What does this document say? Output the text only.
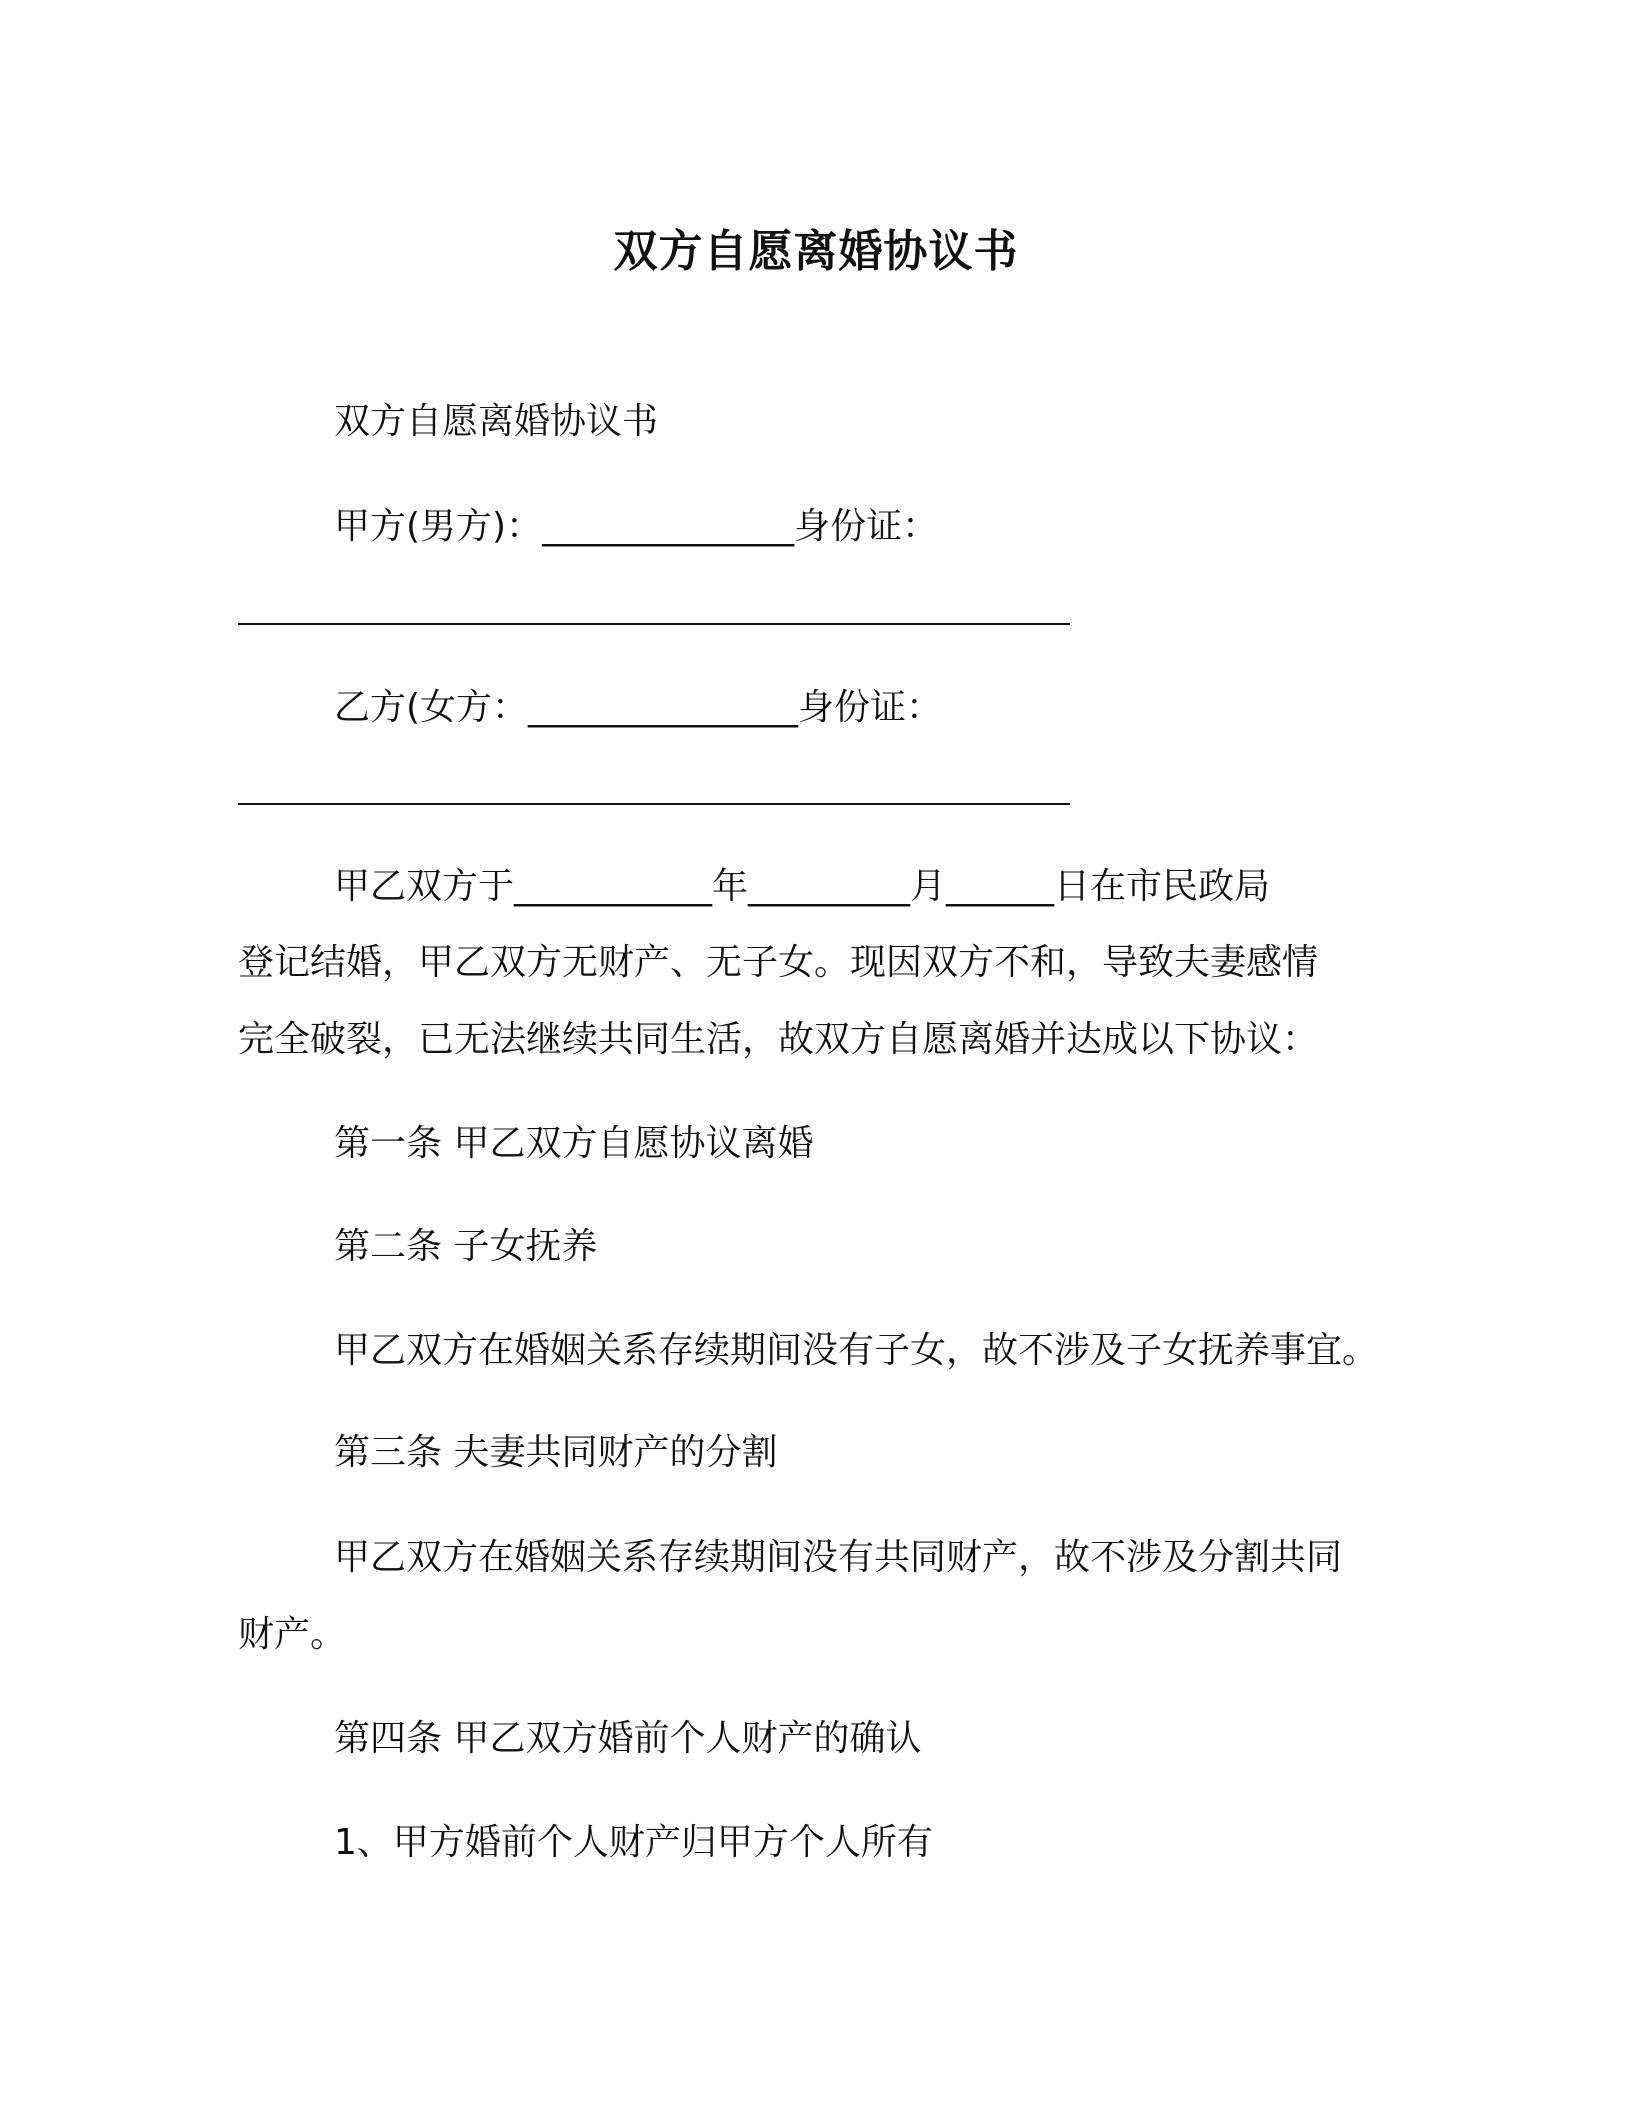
双方自愿离婚协议书
双方自愿离婚协议书
甲方(男方)：______________身份证：
乙方(女方：_______________身份证：
甲乙双方于___________年_________月______日在市民政局
登记结婚，甲乙双方无财产、无子女。现因双方不和，导致夫妻感情
完全破裂，已无法继续共同生活，故双方自愿离婚并达成以下协议：
第一条 甲乙双方自愿协议离婚
第二条 子女抚养
甲乙双方在婚姻关系存续期间没有子女，故不涉及子女抚养事宜。
第三条 夫妻共同财产的分割
甲乙双方在婚姻关系存续期间没有共同财产，故不涉及分割共同
财产。
第四条 甲乙双方婚前个人财产的确认
1、甲方婚前个人财产归甲方个人所有
